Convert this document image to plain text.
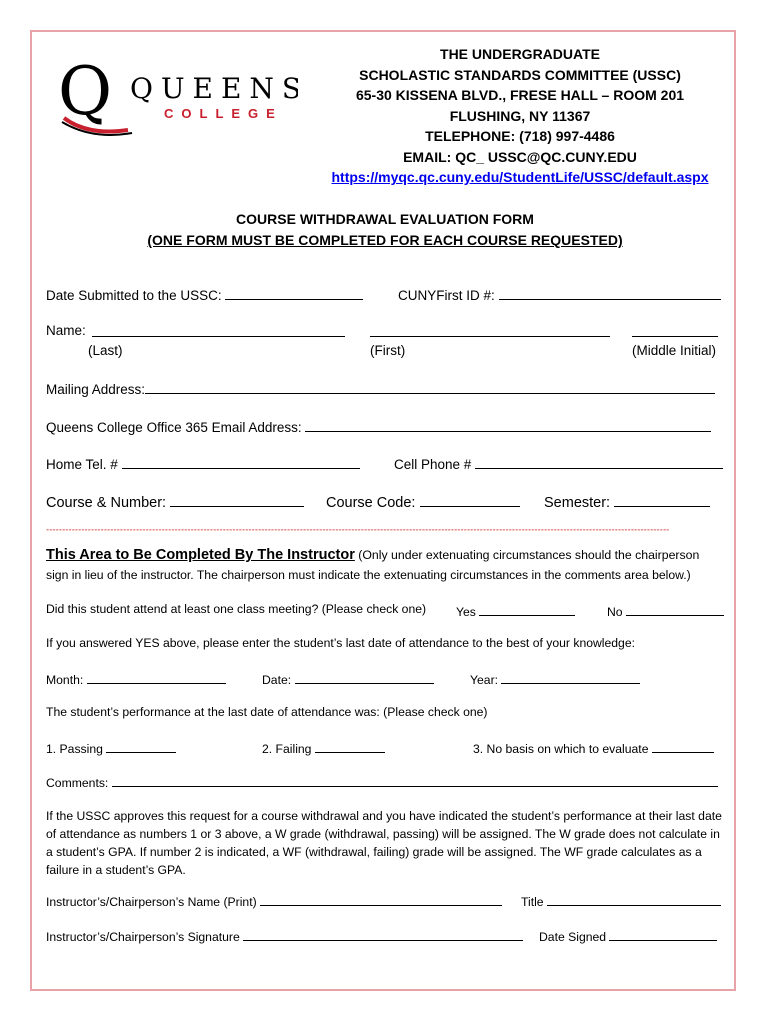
Q QUEENS
COLLEGE
THE UNDERGRADUATE
SCHOLASTIC STANDARDS COMMITTEE (USSC)
65-30 KISSENA BLVD., FRESE HALL – ROOM 201
FLUSHING, NY 11367
TELEPHONE: (718) 997-4486
EMAIL: QC_ USSC@QC.CUNY.EDU
https://myqc.qc.cuny.edu/StudentLife/USSC/default.aspx
COURSE WITHDRAWAL EVALUATION FORM
(ONE FORM MUST BE COMPLETED FOR EACH COURSE REQUESTED)
Date Submitted to the USSC:	CUNYFirst ID #:
Name:
(Last)	(First)	(Middle Initial)
Mailing Address:
Queens College Office 365 Email Address:
Home Tel. #	Cell Phone #
Course & Number:	Course Code:	Semester:
**************************************************************************************************************************************************************************************************
This Area to Be Completed By The Instructor (Only under extenuating circumstances should the chairperson
sign in lieu of the instructor. The chairperson must indicate the extenuating circumstances in the comments area below.)
Did this student attend at least one class meeting? (Please check one) Yes	No
If you answered YES above, please enter the student’s last date of attendance to the best of your knowledge:
Month:	Date:	Year:
The student’s performance at the last date of attendance was: (Please check one)
1. Passing	2. Failing	3. No basis on which to evaluate
Comments:
If the USSC approves this request for a course withdrawal and you have indicated the student’s performance at their last date of attendance as numbers 1 or 3 above, a W grade (withdrawal, passing) will be assigned. The W grade does not calculate in a student’s GPA. If number 2 is indicated, a WF (withdrawal, failing) grade will be assigned. The WF grade calculates as a failure in a student’s GPA.
Instructor’s/Chairperson’s Name (Print)	Title
Instructor’s/Chairperson’s Signature	Date Signed
